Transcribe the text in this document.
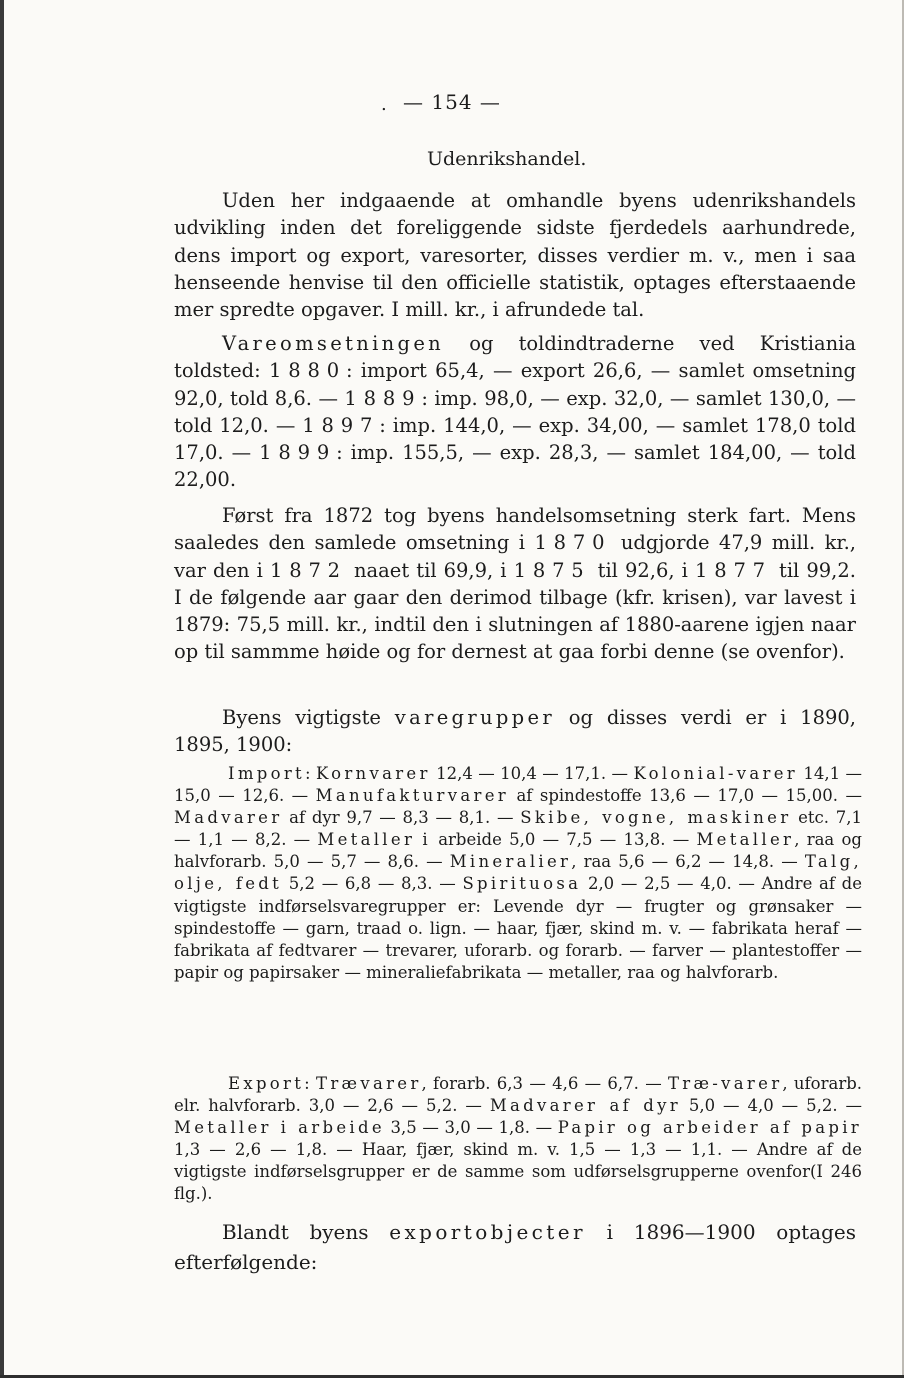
. — 154 —
Udenrikshandel.
Uden her indgaaende at omhandle byens udenrikshandels udvikling inden det foreliggende sidste fjerdedels aarhundrede, dens import og export, varesorter, disses verdier m. v., men i saa henseende henvise til den officielle statistik, optages efterstaaende mer spredte opgaver. I mill. kr., i afrundede tal.
Vareomsetningen og toldindtraderne ved Kristiania toldsted: 1880: import 65,4, — export 26,6, — samlet omsetning 92,0, told 8,6. — 1889: imp. 98,0, — exp. 32,0, — samlet 130,0, — told 12,0. — 1897: imp. 144,0, — exp. 34,00, — samlet 178,0 told 17,0. — 1899: imp. 155,5, — exp. 28,3, — samlet 184,00, — told 22,00.
Først fra 1872 tog byens handelsomsetning sterk fart. Mens saaledes den samlede omsetning i 1870 udgjorde 47,9 mill. kr., var den i 1872 naaet til 69,9, i 1875 til 92,6, i 1877 til 99,2. I de følgende aar gaar den derimod tilbage (kfr. krisen), var lavest i 1879: 75,5 mill. kr., indtil den i slutningen af 1880-aarene igjen naar op til sammme høide og for dernest at gaa forbi denne (se ovenfor).
Byens vigtigste varegrupper og disses verdi er i 1890, 1895, 1900:
Import: Kornvarer 12,4 — 10,4 — 17,1. — Kolonial-varer 14,1 — 15,0 — 12,6. — Manufakturvarer af spindestoffe 13,6 — 17,0 — 15,00. — Madvarer af dyr 9,7 — 8,3 — 8,1. — Skibe, vogne, maskiner etc. 7,1 — 1,1 — 8,2. — Metaller i arbeide 5,0 — 7,5 — 13,8. — Metaller, raa og halvforarb. 5,0 — 5,7 — 8,6. — Mineralier, raa 5,6 — 6,2 — 14,8. — Talg, olje, fedt 5,2 — 6,8 — 8,3. — Spirituosa 2,0 — 2,5 — 4,0. — Andre af de vigtigste indførselsvaregrupper er: Levende dyr — frugter og grønsaker — spindestoffe — garn, traad o. lign. — haar, fjær, skind m. v. — fabrikata heraf — fabrikata af fedtvarer — trevarer, uforarb. og forarb. — farver — plantestoffer — papir og papirsaker — mineraliefabrikata — metaller, raa og halvforarb.
Export: Trævarer, forarb. 6,3 — 4,6 — 6,7. — Træ-varer, uforarb. elr. halvforarb. 3,0 — 2,6 — 5,2. — Madvarer af dyr 5,0 — 4,0 — 5,2. — Metaller i arbeide 3,5 — 3,0 — 1,8. — Papir og arbeider af papir 1,3 — 2,6 — 1,8. — Haar, fjær, skind m. v. 1,5 — 1,3 — 1,1. — Andre af de vigtigste indførselsgrupper er de samme som udførselsgrupperne ovenfor(I 246 flg.).
Blandt byens exportobjecter i 1896—1900 optages efterfølgende:
